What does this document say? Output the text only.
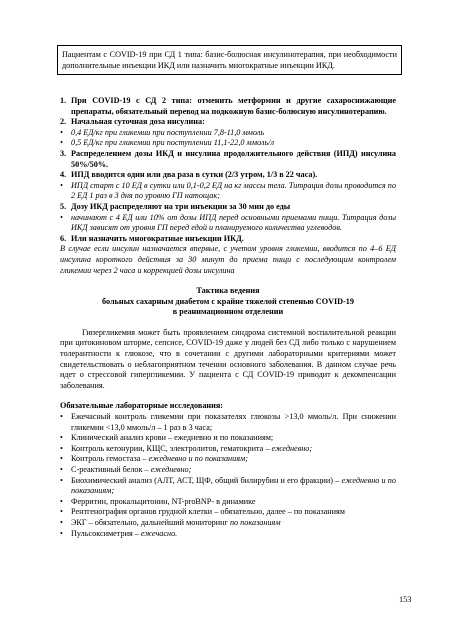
Пациентам с COVID-19 при СД 1 типа: базис-болюсная инсулинотерапия, при необходимости дополнительные инъекции ИКД или назначить многократные инъекции ИКД.
1. При COVID-19 с СД 2 типа: отменить метформин и другие сахароснижающие препараты, обязательный перевод на подкожную базис-болюсную инсулинотерапию.
2. Начальная суточная доза инсулина:
• 0,4 ЕД/кг при гликемии при поступлении 7,8-11,0 ммоль
• 0,5 ЕД/кг при гликемии при поступлении 11,1-22,0 ммоль/л
3. Распределением дозы ИКД и инсулина продолжительного действия (ИПД) инсулина 50%/50%.
4. ИПД вводится один или два раза в сутки (2/3 утром, 1/3 в 22 часа).
• ИПД старт с 10 ЕД в сутки или 0,1-0,2 ЕД на кг массы тела. Титрация дозы проводится по 2 ЕД 1 раз в 3 дня по уровню ГП натощак;
5. Дозу ИКД распределяют на три инъекции за 30 мин до еды
• начинают с 4 ЕД или 10% от дозы ИПД перед основными приемами пищи. Титрация дозы ИКД зависят от уровня ГП перед едой и планируемого количества углеводов.
6. Или назначить многократные инъекции ИКД.
В случае если инсулин назначается впервые, с учетом уровня гликемии, вводится по 4–6 ЕД инсулина короткого действия за 30 минут до приема пищи с последующим контролем гликемии через 2 часа и коррекцией дозы инсулина
Тактика ведения
больных сахарным диабетом с крайне тяжелой степенью COVID-19
в реанимационном отделении
Гипергликемия может быть проявлением синдрома системной воспалительной реакции при цитокиновом шторме, сепсисе, COVID-19 даже у людей без СД либо только с нарушением толерантности к глюкозе, что в сочетании с другими лабораторными критериями может свидетельствовать о неблагоприятном течении основного заболевания. В данном случае речь идет о стрессовой гипергликемии. У пациента с СД COVID-19 приводит к декомпенсации заболевания.
Обязательные лабораторные исследования:
• Ежечасный контроль гликемии при показателях глюкозы >13,0 ммоль/л. При снижении гликемии <13,0 ммоль/л – 1 раз в 3 часа;
• Клинический анализ крови – ежедневно и по показаниям;
• Контроль кетонурии, КЩС, электролитов, гематокрита – ежедневно;
• Контроль гемостаза – ежедневно и по показаниям;
• С-реактивный белок – ежедневно;
• Биохимический анализ (АЛТ, АСТ, ЩФ, общий билирубин и его фракции) – ежедневно и по показаниям;
• Ферритин, прокальцитонин, NT-proBNP- в динамике
• Рентгенография органов грудной клетки – обязательно, далее – по показаниям
• ЭКГ – обязательно, дальнейший мониторинг по показаниям
• Пульсоксиметрия – ежечасно.
153
